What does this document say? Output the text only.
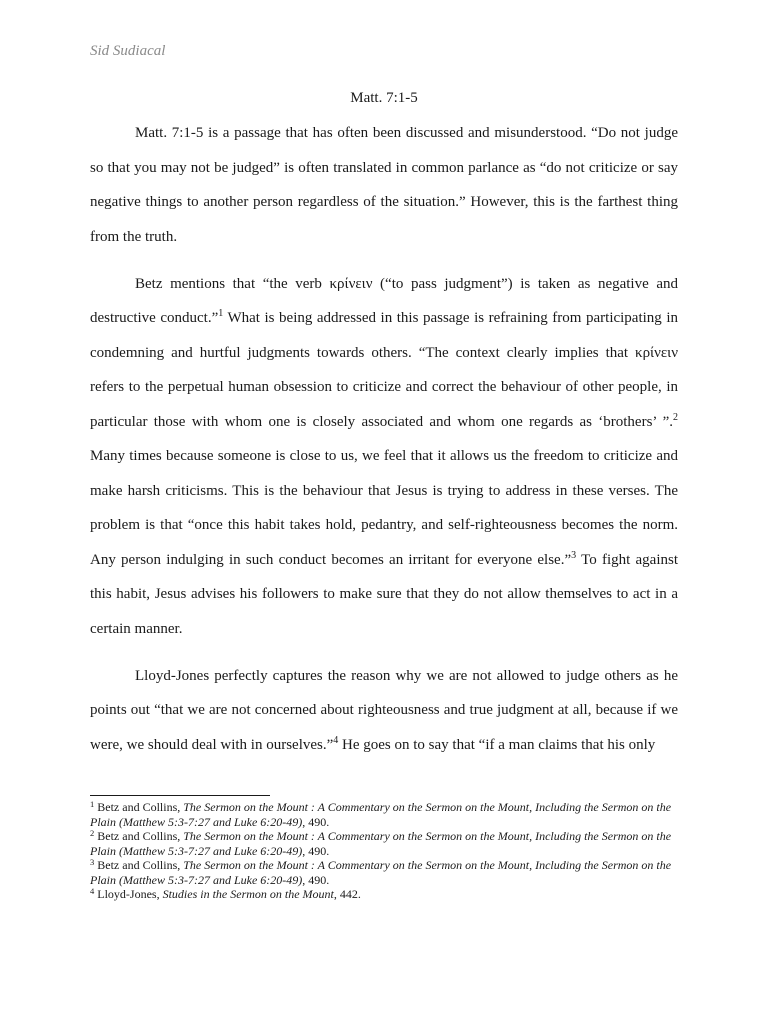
Sid Sudiacal
Matt. 7:1-5

Matt. 7:1-5 is a passage that has often been discussed and misunderstood. “Do not judge so that you may not be judged” is often translated in common parlance as “do not criticize or say negative things to another person regardless of the situation.” However, this is the farthest thing from the truth.

Betz mentions that “the verb κρίνειν (“to pass judgment”) is taken as negative and destructive conduct.”$^1$ What is being addressed in this passage is refraining from participating in condemning and hurtful judgments towards others. “The context clearly implies that κρίνειν refers to the perpetual human obsession to criticize and correct the behaviour of other people, in particular those with whom one is closely associated and whom one regards as ‘brothers’ ”.$^2$ Many times because someone is close to us, we feel that it allows us the freedom to criticize and make harsh criticisms. This is the behaviour that Jesus is trying to address in these verses. The problem is that “once this habit takes hold, pedantry, and self-righteousness becomes the norm. Any person indulging in such conduct becomes an irritant for everyone else.”$^3$ To fight against this habit, Jesus advises his followers to make sure that they do not allow themselves to act in a certain manner.

Lloyd-Jones perfectly captures the reason why we are not allowed to judge others as he points out “that we are not concerned about righteousness and true judgment at all, because if we were, we should deal with in ourselves.”$^4$ He goes on to say that “if a man claims that his only

$^1$ Betz and Collins, The Sermon on the Mount : A Commentary on the Sermon on the Mount, Including the Sermon on the Plain (Matthew 5:3-7:27 and Luke 6:20-49), 490.

$^2$ Betz and Collins, The Sermon on the Mount : A Commentary on the Sermon on the Mount, Including the Sermon on the Plain (Matthew 5:3-7:27 and Luke 6:20-49), 490.

$^3$ Betz and Collins, The Sermon on the Mount : A Commentary on the Sermon on the Mount, Including the Sermon on the Plain (Matthew 5:3-7:27 and Luke 6:20-49), 490.

$^4$ Lloyd-Jones, Studies in the Sermon on the Mount, 442.
